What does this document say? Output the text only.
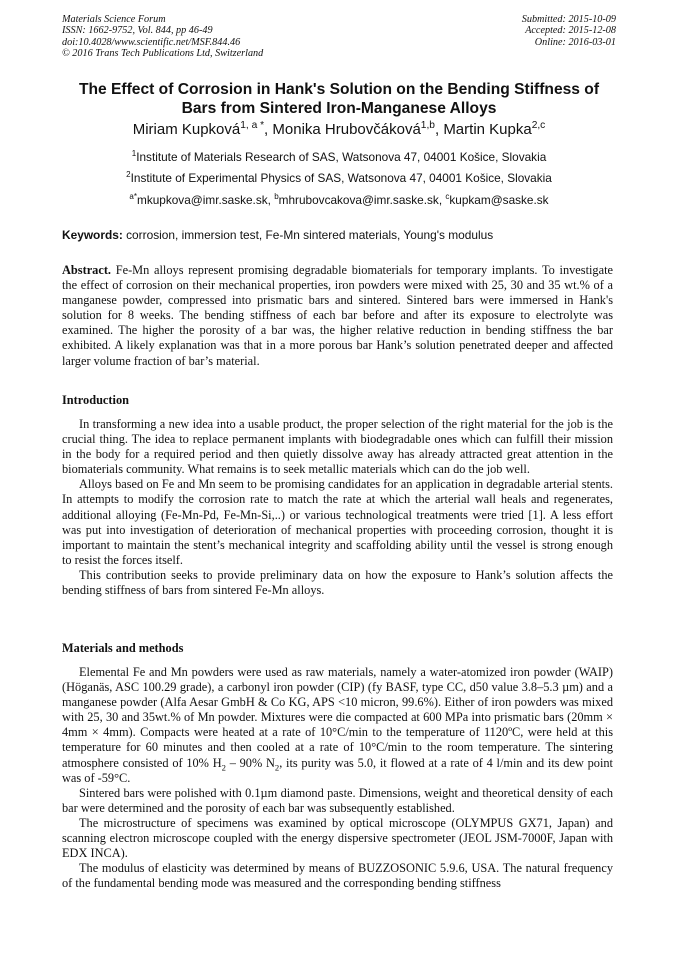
Materials Science Forum
ISSN: 1662-9752, Vol. 844, pp 46-49
doi:10.4028/www.scientific.net/MSF.844.46
© 2016 Trans Tech Publications Ltd, Switzerland
Submitted: 2015-10-09
Accepted: 2015-12-08
Online: 2016-03-01
The Effect of Corrosion in Hank's Solution on the Bending Stiffness of
Bars from Sintered Iron-Manganese Alloys
Miriam Kupková$^{1, a *}$, Monika Hrubovčáková$^{1,b}$, Martin Kupka$^{2,c}$
$^1$Institute of Materials Research of SAS, Watsonova 47, 04001 Košice, Slovakia
$^2$Institute of Experimental Physics of SAS, Watsonova 47, 04001 Košice, Slovakia
$^{a*}$mkupkova@imr.saske.sk, $^b$mhrubovcakova@imr.saske.sk, $^c$kupkam@saske.sk
Keywords: corrosion, immersion test, Fe-Mn sintered materials, Young's modulus

Abstract. Fe-Mn alloys represent promising degradable biomaterials for temporary implants. To investigate the effect of corrosion on their mechanical properties, iron powders were mixed with 25, 30 and 35 wt.% of a manganese powder, compressed into prismatic bars and sintered. Sintered bars were immersed in Hank's solution for 8 weeks. The bending stiffness of each bar before and after its exposure to electrolyte was examined. The higher the porosity of a bar was, the higher relative reduction in bending stiffness the bar exhibited. A likely explanation was that in a more porous bar Hank’s solution penetrated deeper and affected larger volume fraction of bar’s material.

Introduction

In transforming a new idea into a usable product, the proper selection of the right material for the job is the crucial thing. The idea to replace permanent implants with biodegradable ones which can fulfill their mission in the body for a required period and then quietly dissolve away has already attracted great attention in the biomaterials community. What remains is to seek metallic materials which can do the job well.

Alloys based on Fe and Mn seem to be promising candidates for an application in degradable arterial stents. In attempts to modify the corrosion rate to match the rate at which the arterial wall heals and regenerates, additional alloying (Fe-Mn-Pd, Fe-Mn-Si,..) or various technological treatments were tried [1]. A less effort was put into investigation of deterioration of mechanical properties with proceeding corrosion, thought it is important to maintain the stent’s mechanical integrity and scaffolding ability until the vessel is strong enough to resist the forces itself.

This contribution seeks to provide preliminary data on how the exposure to Hank’s solution affects the bending stiffness of bars from sintered Fe-Mn alloys.

Materials and methods

Elemental Fe and Mn powders were used as raw materials, namely a water-atomized iron powder (WAIP) (Höganäs, ASC 100.29 grade), a carbonyl iron powder (CIP) (fy BASF, type CC, d50 value 3.8–5.3 µm) and a manganese powder (Alfa Aesar GmbH & Co KG, APS <10 micron, 99.6%). Either of iron powders was mixed with 25, 30 and 35wt.% of Mn powder. Mixtures were die compacted at 600 MPa into prismatic bars (20mm × 4mm × 4mm). Compacts were heated at a rate of 10°C/min to the temperature of 1120ºC, were held at this temperature for 60 minutes and then cooled at a rate of 10°C/min to the room temperature. The sintering atmosphere consisted of 10% $H_2 - 90\%$ $N_2$, its purity was 5.0, it flowed at a rate of 4 l/min and its dew point was of -59°C.

Sintered bars were polished with 0.1µm diamond paste. Dimensions, weight and theoretical density of each bar were determined and the porosity of each bar was subsequently established.

The microstructure of specimens was examined by optical microscope (OLYMPUS GX71, Japan) and scanning electron microscope coupled with the energy dispersive spectrometer (JEOL JSM-7000F, Japan with EDX INCA).

The modulus of elasticity was determined by means of BUZZOSONIC 5.9.6, USA. The natural frequency of the fundamental bending mode was measured and the corresponding bending stiffness
